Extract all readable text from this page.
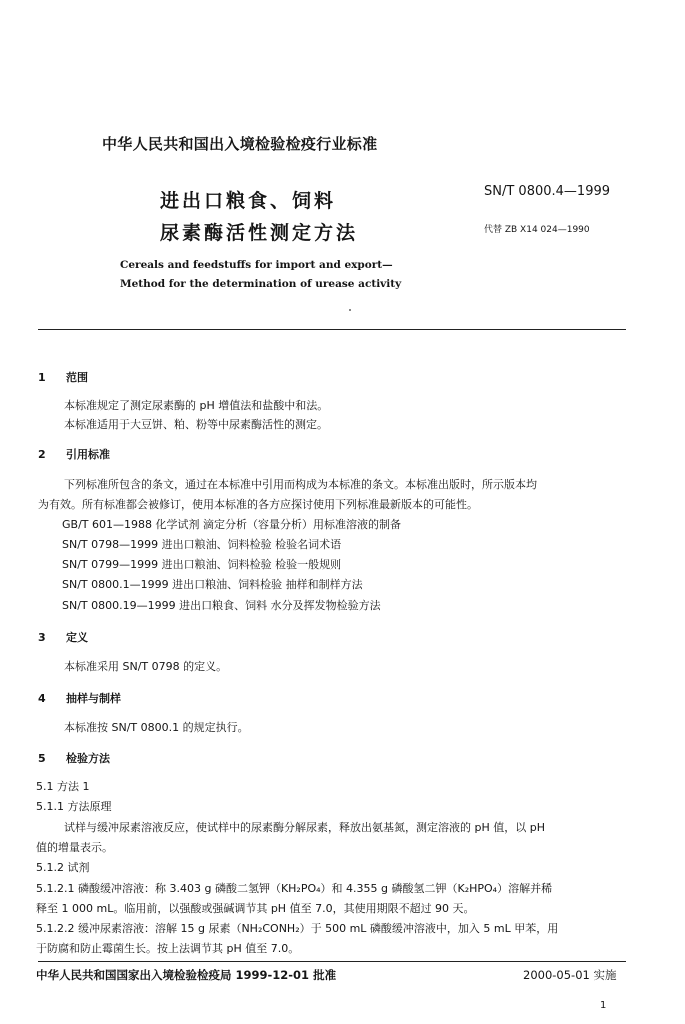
中华人民共和国出入境检验检疫行业标准
进出口粮食、饲料
尿素酶活性测定方法
SN/T 0800.4—1999
代替 ZB X14 024—1990
Cereals and feedstuffs for import and export—
Method for the determination of urease activity
1 范围
本标准规定了测定尿素酶的 pH 增值法和盐酸中和法。
本标准适用于大豆饼、粕、粉等中尿素酶活性的测定。
2 引用标准
下列标准所包含的条文，通过在本标准中引用而构成为本标准的条文。本标准出版时，所示版本均
为有效。所有标准都会被修订，使用本标准的各方应探讨使用下列标准最新版本的可能性。
GB/T 601—1988 化学试剂 滴定分析（容量分析）用标准溶液的制备
SN/T 0798—1999 进出口粮油、饲料检验 检验名词术语
SN/T 0799—1999 进出口粮油、饲料检验 检验一般规则
SN/T 0800.1—1999 进出口粮油、饲料检验 抽样和制样方法
SN/T 0800.19—1999 进出口粮食、饲料 水分及挥发物检验方法
3 定义
本标准采用 SN/T 0798 的定义。
4 抽样与制样
本标准按 SN/T 0800.1 的规定执行。
5 检验方法
5.1 方法 1
5.1.1 方法原理
试样与缓冲尿素溶液反应，使试样中的尿素酶分解尿素，释放出氨基氮，测定溶液的 pH 值，以 pH
值的增量表示。
5.1.2 试剂
5.1.2.1 磷酸缓冲溶液：称 3.403 g 磷酸二氢钾（KH₂PO₄）和 4.355 g 磷酸氢二钾（K₂HPO₄）溶解并稀
释至 1 000 mL。临用前，以强酸或强碱调节其 pH 值至 7.0，其使用期限不超过 90 天。
5.1.2.2 缓冲尿素溶液：溶解 15 g 尿素（NH₂CONH₂）于 500 mL 磷酸缓冲溶液中，加入 5 mL 甲苯，用
于防腐和防止霉菌生长。按上法调节其 pH 值至 7.0。
中华人民共和国国家出入境检验检疫局 1999-12-01 批准	2000-05-01 实施
1
